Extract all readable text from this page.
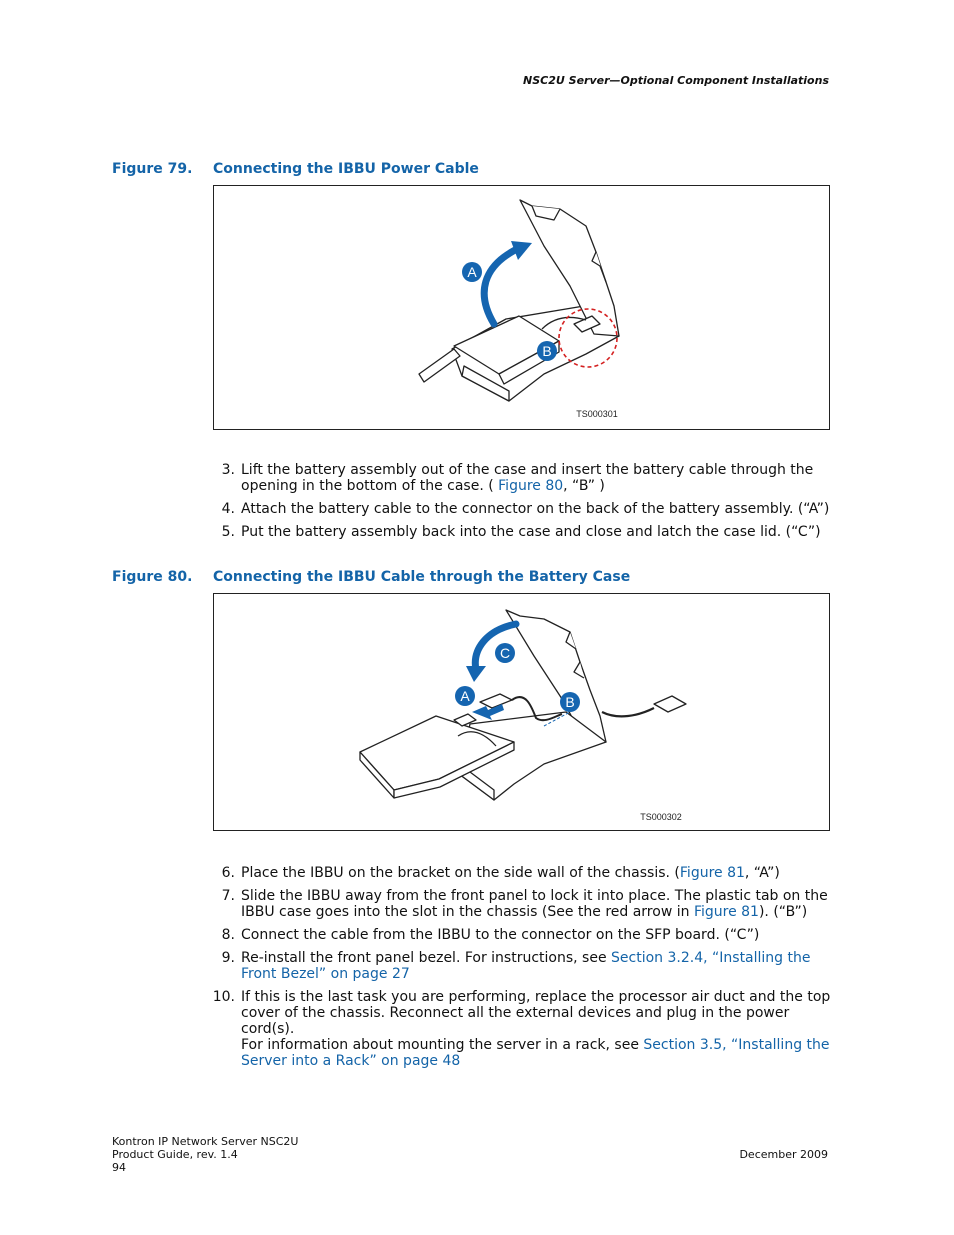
NSC2U Server—Optional Component Installations
Figure 79. Connecting the IBBU Power Cable
A
B
TS000301
3. Lift the battery assembly out of the case and insert the battery cable through the opening in the bottom of the case. ( Figure 80, “B” )
4. Attach the battery cable to the connector on the back of the battery assembly. (“A”)
5. Put the battery assembly back into the case and close and latch the case lid. (“C”)
Figure 80. Connecting the IBBU Cable through the Battery Case
C
A	B
TS000302
6. Place the IBBU on the bracket on the side wall of the chassis. (Figure 81, “A”)
7. Slide the IBBU away from the front panel to lock it into place. The plastic tab on the IBBU case goes into the slot in the chassis (See the red arrow in Figure 81). (“B”)
8. Connect the cable from the IBBU to the connector on the SFP board. (“C”)
9. Re-install the front panel bezel. For instructions, see Section 3.2.4, “Installing the Front Bezel” on page 27
10. If this is the last task you are performing, replace the processor air duct and the top cover of the chassis. Reconnect all the external devices and plug in the power cord(s).
For information about mounting the server in a rack, see Section 3.5, “Installing the Server into a Rack” on page 48
Kontron IP Network Server NSC2U
Product Guide, rev. 1.4
94
December 2009
